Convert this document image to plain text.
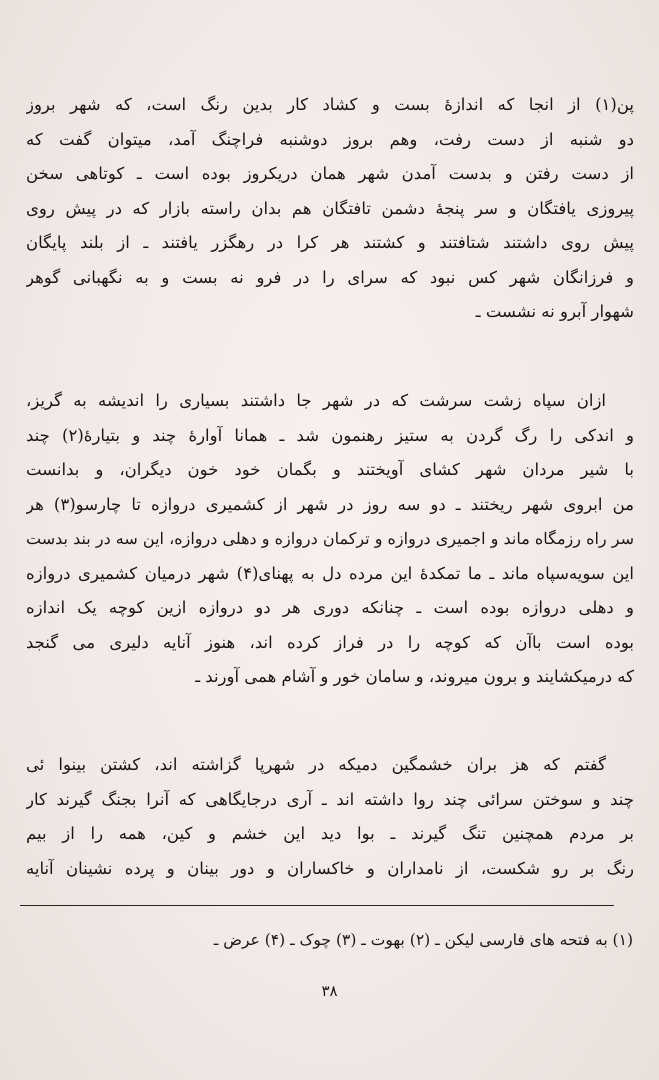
پن(۱) از انجا که اندازهٔ بست و کشاد کار بدین رنگ است، که شهر بروز
دو شنبه از دست رفت، وهم بروز دوشنبه فراچنگ آمد، میتوان گفت که
از دست رفتن و بدست آمدن شهر همان دریکروز بوده است ـ کوتاهی سخن
پیروزی یافتگان و سر پنجهٔ دشمن تافتگان هم بدان راسته بازار که در پیش روی
پیش روی داشتند شتافتند و کشتند هر کرا در رهگزر یافتند ـ از بلند پایگان
و فرزانگان شهر کس نبود که سرای را در فرو نه بست و به نگهبانی گوهر
شهوار آبرو نه نشست ـ
ازان سپاه زشت سرشت که در شهر جا داشتند بسیاری را اندیشه به گریز،
و اندکی را رگ گردن به ستیز رهنمون شد ـ همانا آوارهٔ چند و بتیارهٔ(۲) چند
با شیر مردان شهر کشای آویختند و بگمان خود خون دیگران، و بدانست
من ابروی شهر ریختند ـ دو سه روز در شهر از کشمیری دروازه تا چارسو(۳) هر
سر راه رزمگاه ماند و اجمیری دروازه و ترکمان دروازه و دهلی دروازه، این سه در بند بدست
این سویه‌سپاه ماند ـ ما تمکدهٔ این مرده دل به پهنای(۴) شهر درمیان کشمیری دروازه
و دهلی دروازه بوده است ـ چنانکه دوری هر دو دروازه ازین کوچه یک اندازه
بوده است باآن که کوچه را در فراز کرده اند، هنوز آنایه دلیری می گنجد
که درمیکشایند و برون میروند، و سامان خور و آشام همی آورند ـ
گفتم که هز بران خشمگین دمیکه در شهرپا گزاشته اند، کشتن بینوا ئی
چند و سوختن سرائی چند روا داشته اند ـ آری درجایگاهی که آنرا بجنگ گیرند کار
بر مردم همچنین تنگ گیرند ـ بوا دید این خشم و کین، همه را از بیم
رنگ بر رو شکست، از نامداران و خاکساران و دور بینان و پرده نشینان آنایه
(۱) به فتحه های فارسی لیکن ـ (۲) بهوت ـ (۳) چوک ـ (۴) عرض ـ
۳۸
